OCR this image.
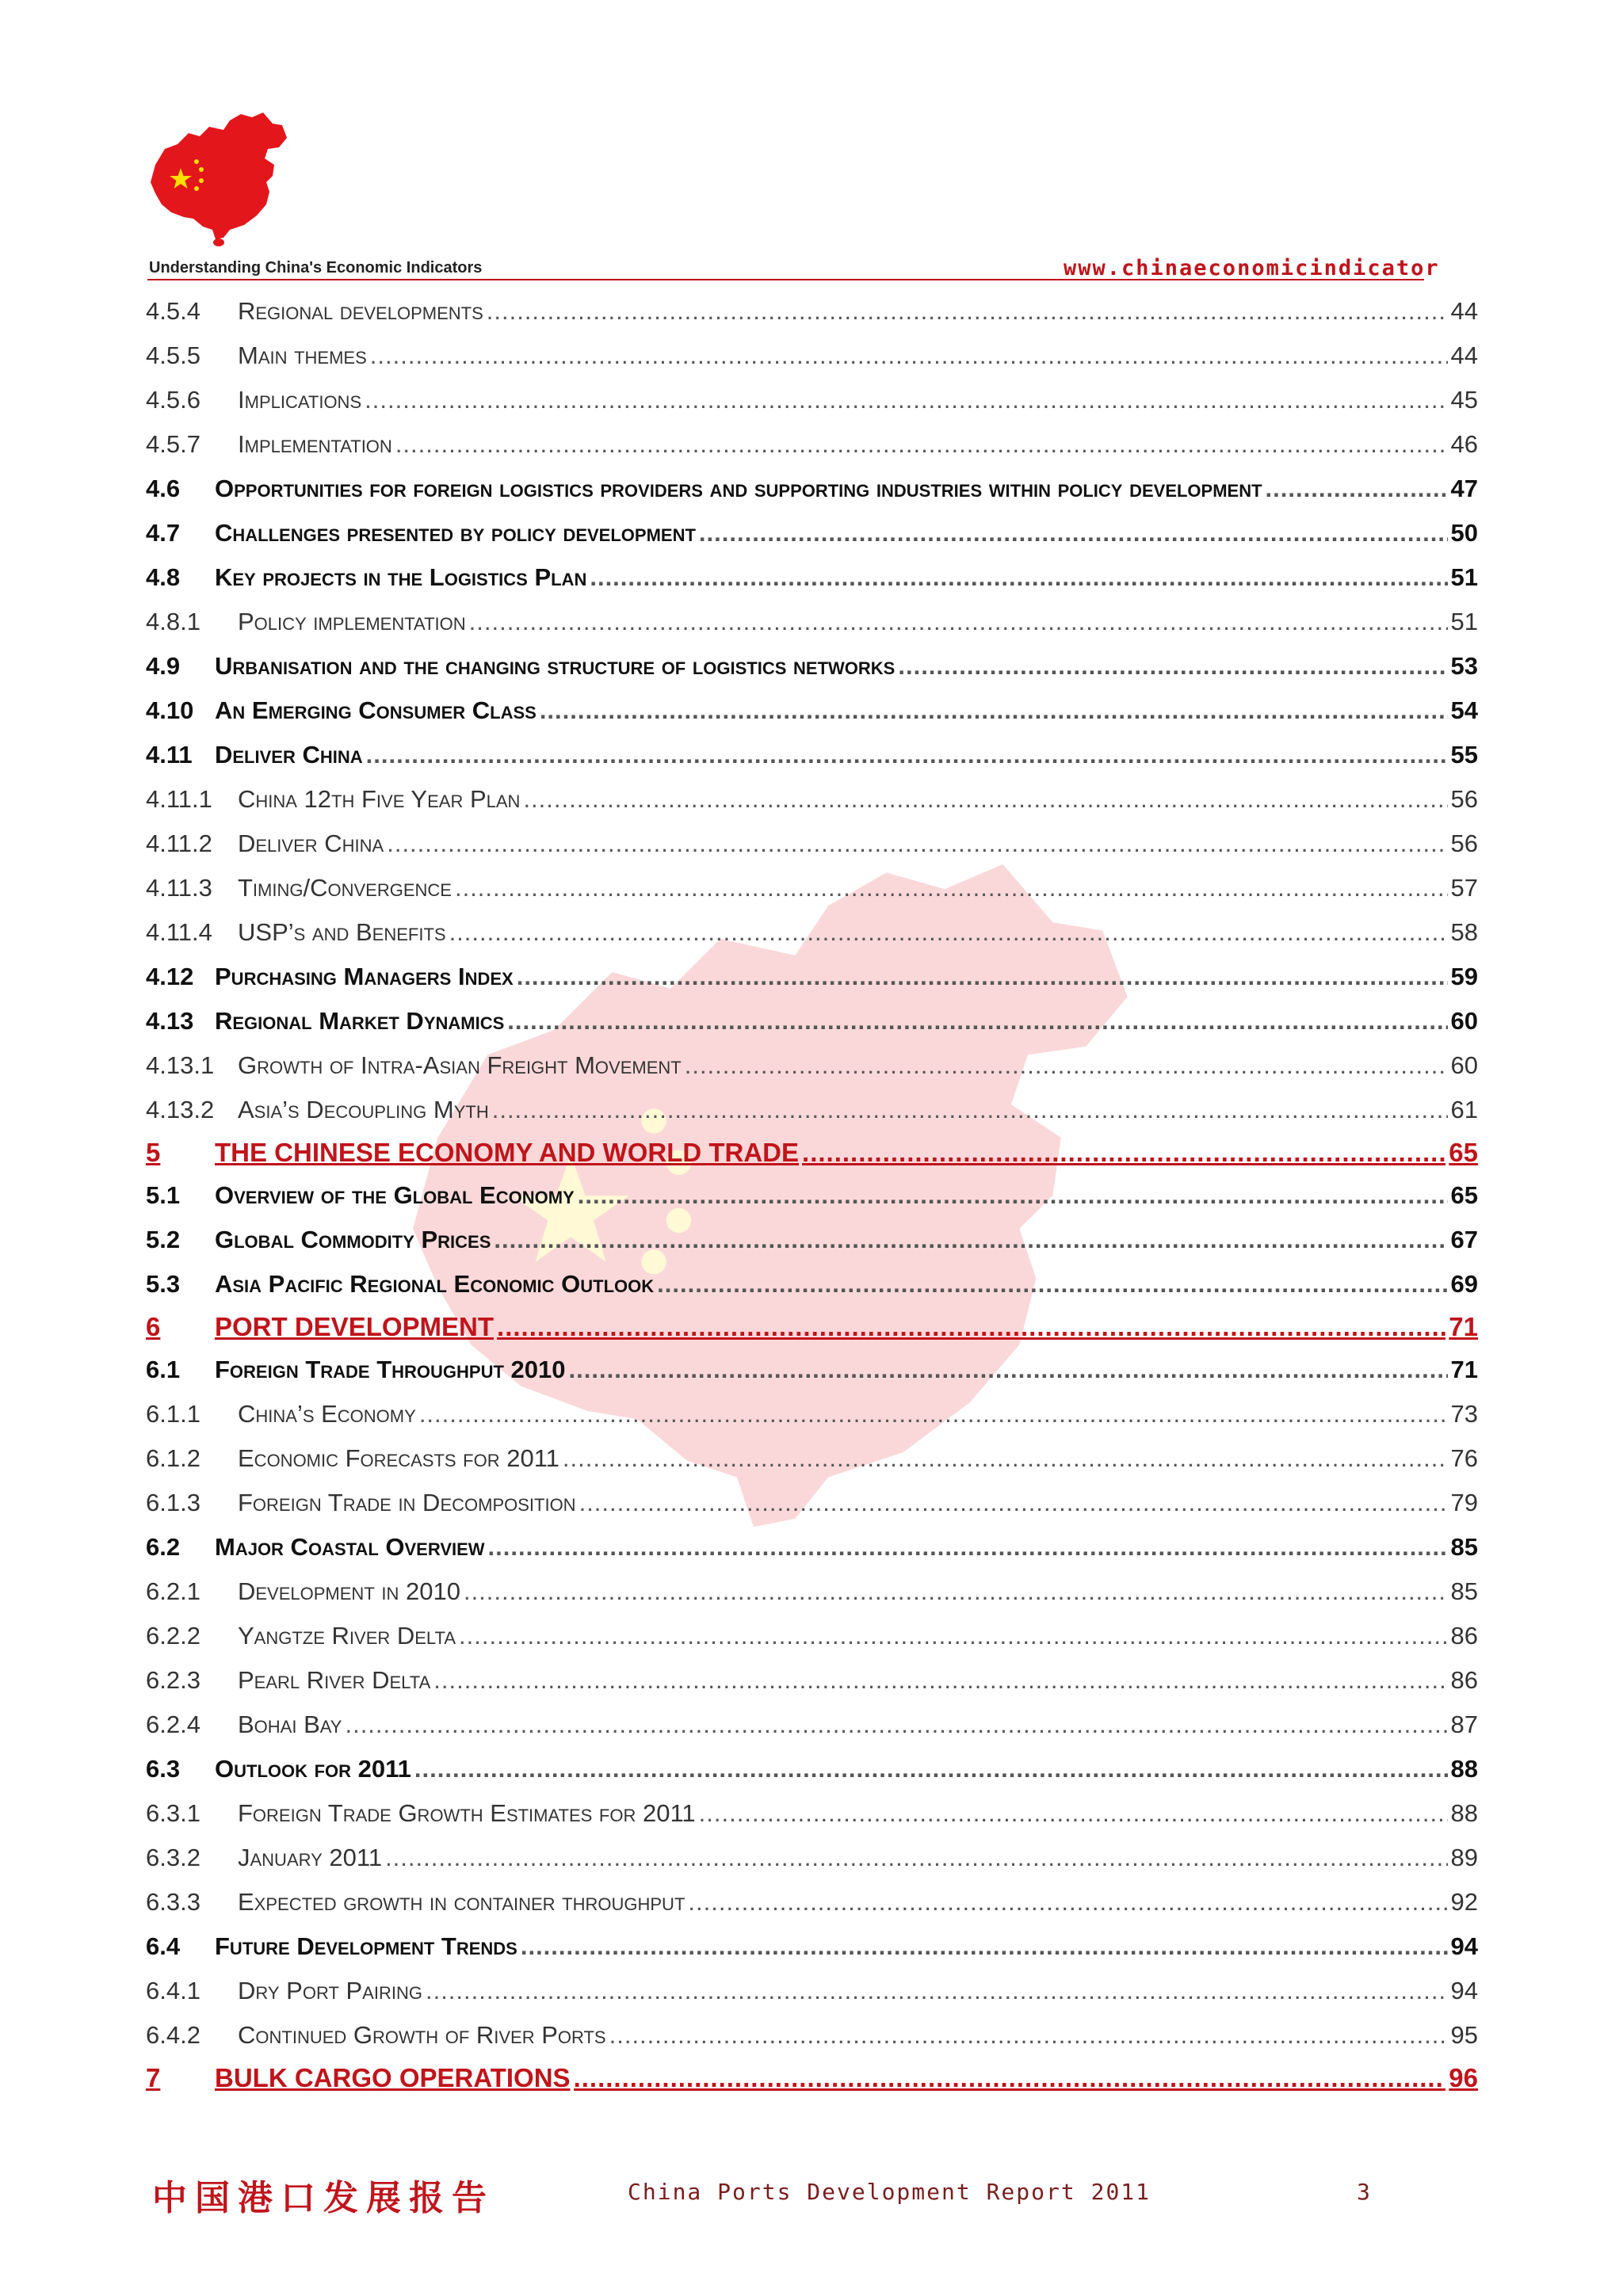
Understanding China's Economic Indicators	www.chinaeconomicindicator
4.5.4	Regional developments .....	44
4.5.5	Main themes .....	44
4.5.6	Implications .....	45
4.5.7	Implementation .....	46
4.6	Opportunities for foreign logistics providers and supporting industries within policy development .....	47
4.7	Challenges presented by policy development .....	50
4.8	Key projects in the Logistics Plan .....	51
4.8.1	Policy implementation .....	51
4.9	Urbanisation and the changing structure of logistics networks .....	53
4.10 An Emerging Consumer Class .....	54
4.11 Deliver China .....	55
4.11.1	China 12th Five Year Plan .....	56
4.11.2	Deliver China .....	56
4.11.3	Timing/Convergence .....	57
4.11.4	USP’s and Benefits .....	58
4.12 Purchasing Managers Index .....	59
4.13 Regional Market Dynamics .....	60
4.13.1 Growth of Intra-Asian Freight Movement .....	60
4.13.2 Asia’s Decoupling Myth .....	61
5	THE CHINESE ECONOMY AND WORLD TRADE .....	65
5.1	Overview of the Global Economy .....	65
5.2	Global Commodity Prices .....	67
5.3	Asia Pacific Regional Economic Outlook .....	69
6	PORT DEVELOPMENT .....	71
6.1	Foreign Trade Throughput 2010 .....	71
6.1.1	China’s Economy .....	73
6.1.2	Economic Forecasts for 2011 .....	76
6.1.3	Foreign Trade in Decomposition .....	79
6.2	Major Coastal Overview .....	85
6.2.1	Development in 2010 .....	85
6.2.2	Yangtze River Delta .....	86
6.2.3	Pearl River Delta .....	86
6.2.4	Bohai Bay .....	87
6.3	Outlook for 2011 .....	88
6.3.1	Foreign Trade Growth Estimates for 2011 .....	88
6.3.2	January 2011 .....	89
6.3.3	Expected growth in container throughput .....	92
6.4	Future Development Trends .....	94
6.4.1	Dry Port Pairing .....	94
6.4.2	Continued Growth of River Ports .....	95
7	BULK CARGO OPERATIONS .....	96
中国港口发展报告	China Ports Development Report 2011	3
